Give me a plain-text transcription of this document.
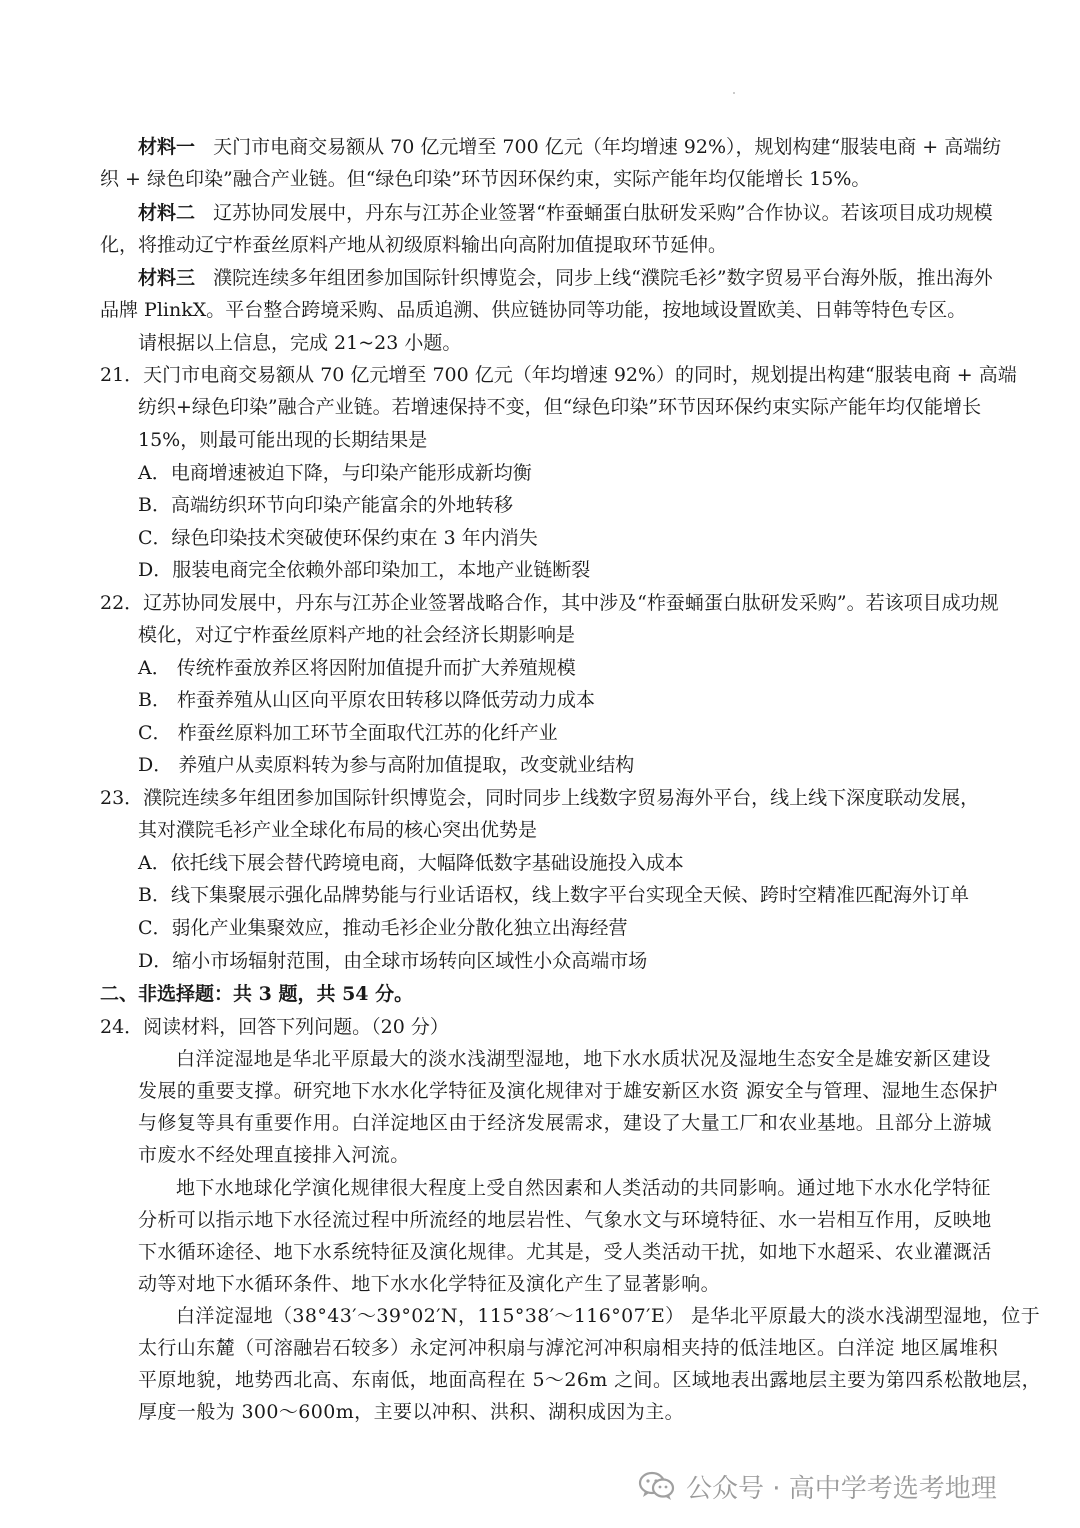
材料一 天门市电商交易额从 70 亿元增至 700 亿元（年均增速 92%），规划构建“服装电商 + 高端纺
织 + 绿色印染”融合产业链。但“绿色印染”环节因环保约束，实际产能年均仅能增长 15%。
材料二 辽苏协同发展中，丹东与江苏企业签署“柞蚕蛹蛋白肽研发采购”合作协议。若该项目成功规模
化，将推动辽宁柞蚕丝原料产地从初级原料输出向高附加值提取环节延伸。
材料三 濮院连续多年组团参加国际针织博览会，同步上线“濮院毛衫”数字贸易平台海外版，推出海外
品牌 PlinkX。平台整合跨境采购、品质追溯、供应链协同等功能，按地域设置欧美、日韩等特色专区。
请根据以上信息，完成 21~23 小题。
21．天门市电商交易额从 70 亿元增至 700 亿元（年均增速 92%）的同时，规划提出构建“服装电商 + 高端
纺织+绿色印染”融合产业链。若增速保持不变，但“绿色印染”环节因环保约束实际产能年均仅能增长
15%，则最可能出现的长期结果是
A．电商增速被迫下降，与印染产能形成新均衡
B．高端纺织环节向印染产能富余的外地转移
C．绿色印染技术突破使环保约束在 3 年内消失
D．服装电商完全依赖外部印染加工，本地产业链断裂
22．辽苏协同发展中，丹东与江苏企业签署战略合作，其中涉及“柞蚕蛹蛋白肽研发采购”。若该项目成功规
模化，对辽宁柞蚕丝原料产地的社会经济长期影响是
A． 传统柞蚕放养区将因附加值提升而扩大养殖规模
B． 柞蚕养殖从山区向平原农田转移以降低劳动力成本
C． 柞蚕丝原料加工环节全面取代江苏的化纤产业
D． 养殖户从卖原料转为参与高附加值提取，改变就业结构
23．濮院连续多年组团参加国际针织博览会，同时同步上线数字贸易海外平台，线上线下深度联动发展，
其对濮院毛衫产业全球化布局的核心突出优势是
A．依托线下展会替代跨境电商，大幅降低数字基础设施投入成本
B．线下集聚展示强化品牌势能与行业话语权，线上数字平台实现全天候、跨时空精准匹配海外订单
C．弱化产业集聚效应，推动毛衫企业分散化独立出海经营
D．缩小市场辐射范围，由全球市场转向区域性小众高端市场
二、非选择题：共 3 题，共 54 分。
24．阅读材料，回答下列问题。（20 分）
白洋淀湿地是华北平原最大的淡水浅湖型湿地，地下水水质状况及湿地生态安全是雄安新区建设
发展的重要支撑。研究地下水水化学特征及演化规律对于雄安新区水资 源安全与管理、湿地生态保护
与修复等具有重要作用。白洋淀地区由于经济发展需求，建设了大量工厂和农业基地。且部分上游城
市废水不经处理直接排入河流。
地下水地球化学演化规律很大程度上受自然因素和人类活动的共同影响。通过地下水水化学特征
分析可以指示地下水径流过程中所流经的地层岩性、气象水文与环境特征、水一岩相互作用，反映地
下水循环途径、地下水系统特征及演化规律。尤其是，受人类活动干扰，如地下水超采、农业灌溉活
动等对地下水循环条件、地下水水化学特征及演化产生了显著影响。
白洋淀湿地（38°43′～39°02′N，115°38′～116°07′E） 是华北平原最大的淡水浅湖型湿地，位于
太行山东麓（可溶融岩石较多）永定河冲积扇与滹沱河冲积扇相夹持的低洼地区。白洋淀 地区属堆积
平原地貌，地势西北高、东南低，地面高程在 5～26m 之间。区域地表出露地层主要为第四系松散地层，
厚度一般为 300～600m，主要以冲积、洪积、湖积成因为主。
公众号 · 高中学考选考地理
